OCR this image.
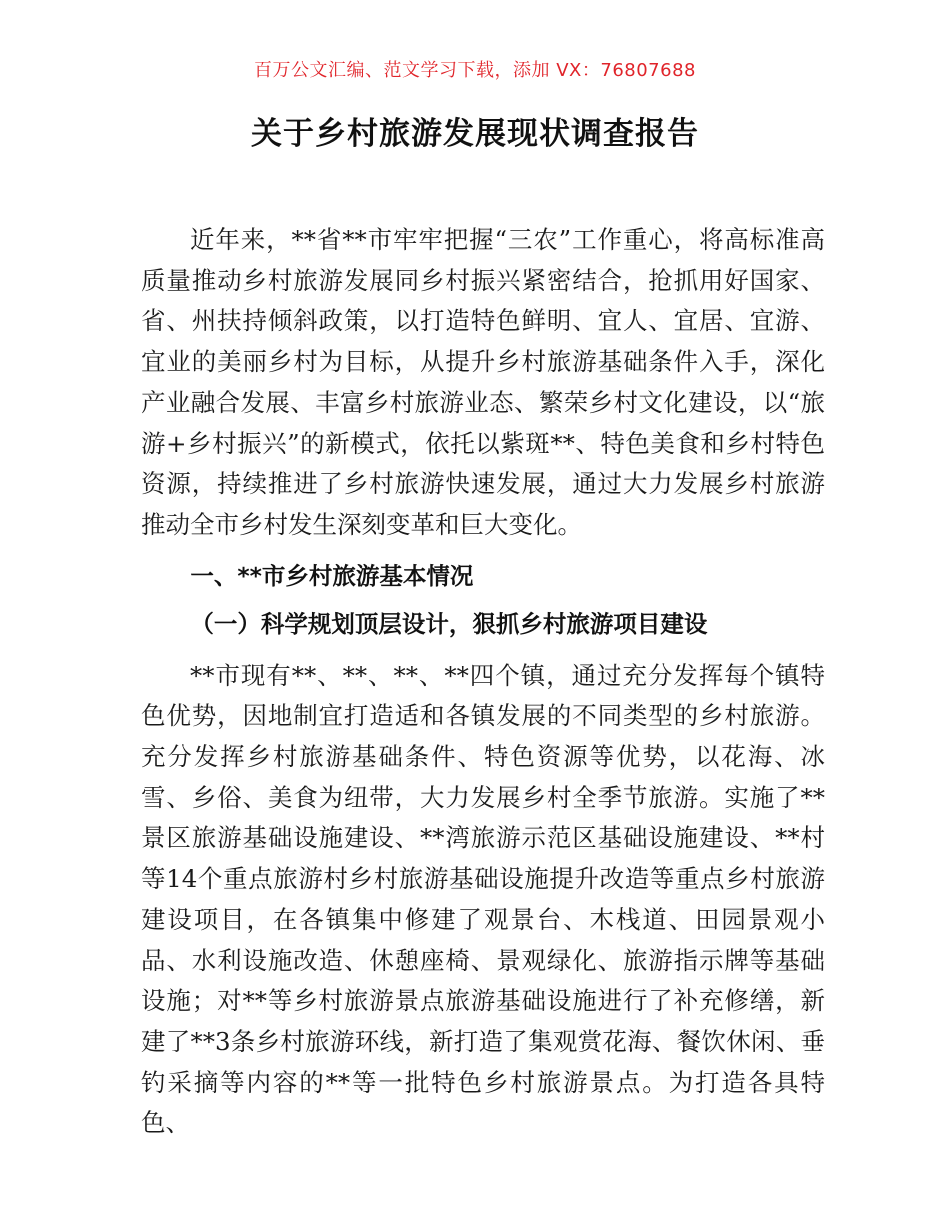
百万公文汇编、范文学习下载，添加 VX：76807688
关于乡村旅游发展现状调查报告

近年来，**省**市牢牢把握“三农”工作重心，将高标准高质量推动乡村旅游发展同乡村振兴紧密结合，抢抓用好国家、省、州扶持倾斜政策，以打造特色鲜明、宜人、宜居、宜游、宜业的美丽乡村为目标，从提升乡村旅游基础条件入手，深化产业融合发展、丰富乡村旅游业态、繁荣乡村文化建设，以“旅游+乡村振兴”的新模式，依托以紫斑**、特色美食和乡村特色资源，持续推进了乡村旅游快速发展，通过大力发展乡村旅游推动全市乡村发生深刻变革和巨大变化。

一、**市乡村旅游基本情况
（一）科学规划顶层设计，狠抓乡村旅游项目建设

**市现有**、**、**、**四个镇，通过充分发挥每个镇特色优势，因地制宜打造适和各镇发展的不同类型的乡村旅游。充分发挥乡村旅游基础条件、特色资源等优势，以花海、冰雪、乡俗、美食为纽带，大力发展乡村全季节旅游。实施了**景区旅游基础设施建设、**湾旅游示范区基础设施建设、**村等14个重点旅游村乡村旅游基础设施提升改造等重点乡村旅游建设项目，在各镇集中修建了观景台、木栈道、田园景观小品、水利设施改造、休憩座椅、景观绿化、旅游指示牌等基础设施；对**等乡村旅游景点旅游基础设施进行了补充修缮，新建了**3条乡村旅游环线，新打造了集观赏花海、餐饮休闲、垂钓采摘等内容的**等一批特色乡村旅游景点。为打造各具特色、
